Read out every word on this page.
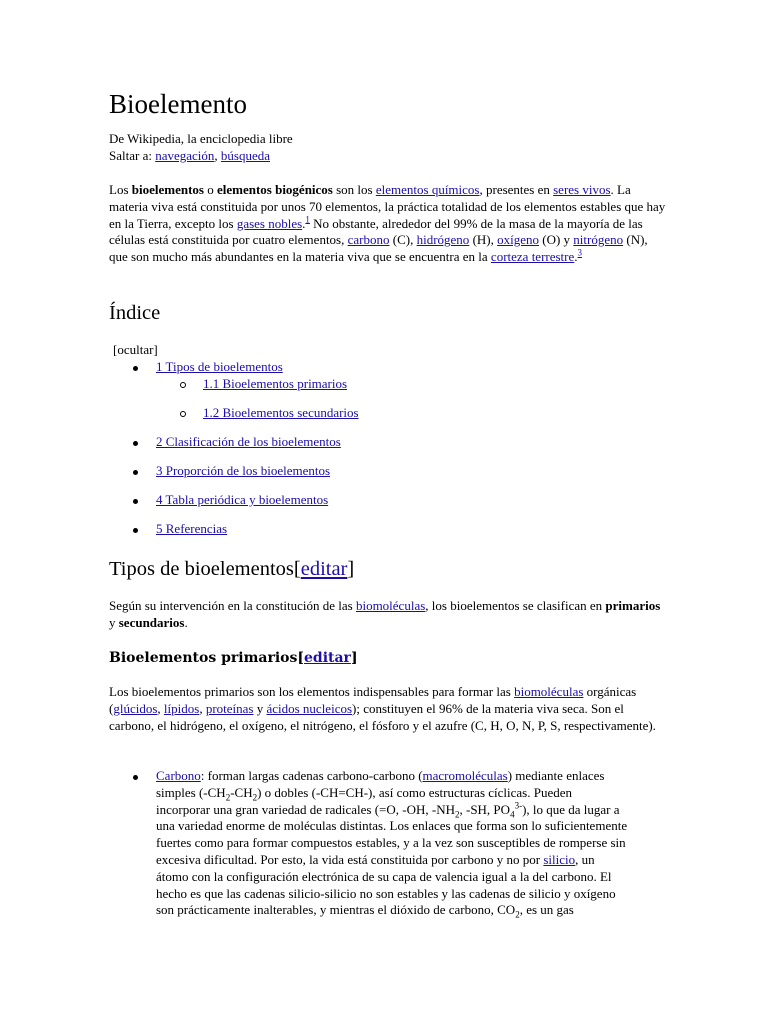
Bioelemento
De Wikipedia, la enciclopedia libre
Saltar a: navegación, búsqueda

Los bioelementos o elementos biogénicos son los elementos químicos, presentes en seres vivos. La materia viva está constituida por unos 70 elementos, la práctica totalidad de los elementos estables que hay en la Tierra, excepto los gases nobles.$^1$ No obstante, alrededor del 99% de la masa de la mayoría de las células está constituida por cuatro elementos, carbono (C), hidrógeno (H), oxígeno (O) y nitrógeno (N), que son mucho más abundantes en la materia viva que se encuentra en la corteza terrestre.$^3$

Índice
[ocultar]
1 Tipos de bioelementos
1.1 Bioelementos primarios
1.2 Bioelementos secundarios
2 Clasificación de los bioelementos
3 Proporción de los bioelementos
4 Tabla periódica y bioelementos
5 Referencias
Tipos de bioelementos[editar]

Según su intervención en la constitución de las biomoléculas, los bioelementos se clasifican en primarios y secundarios.

Bioelementos primarios[editar]

Los bioelementos primarios son los elementos indispensables para formar las biomoléculas orgánicas (glúcidos, lípidos, proteínas y ácidos nucleicos); constituyen el 96% de la materia viva seca. Son el carbono, el hidrógeno, el oxígeno, el nitrógeno, el fósforo y el azufre (C, H, O, N, P, S, respectivamente).

Carbono: forman largas cadenas carbono-carbono (macromoléculas) mediante enlaces simples $(-CH_2-CH_2)$ o dobles (-CH=CH-), así como estructuras cíclicas. Pueden incorporar una gran variedad de radicales (=O, -OH, $-NH_2$, -SH, $PO_4^{3-}$), lo que da lugar a una variedad enorme de moléculas distintas. Los enlaces que forma son lo suficientemente fuertes como para formar compuestos estables, y a la vez son susceptibles de romperse sin excesiva dificultad. Por esto, la vida está constituida por carbono y no por silicio, un átomo con la configuración electrónica de su capa de valencia igual a la del carbono. El hecho es que las cadenas silicio-silicio no son estables y las cadenas de silicio y oxígeno son prácticamente inalterables, y mientras el dióxido de carbono, $CO_2$, es un gas
